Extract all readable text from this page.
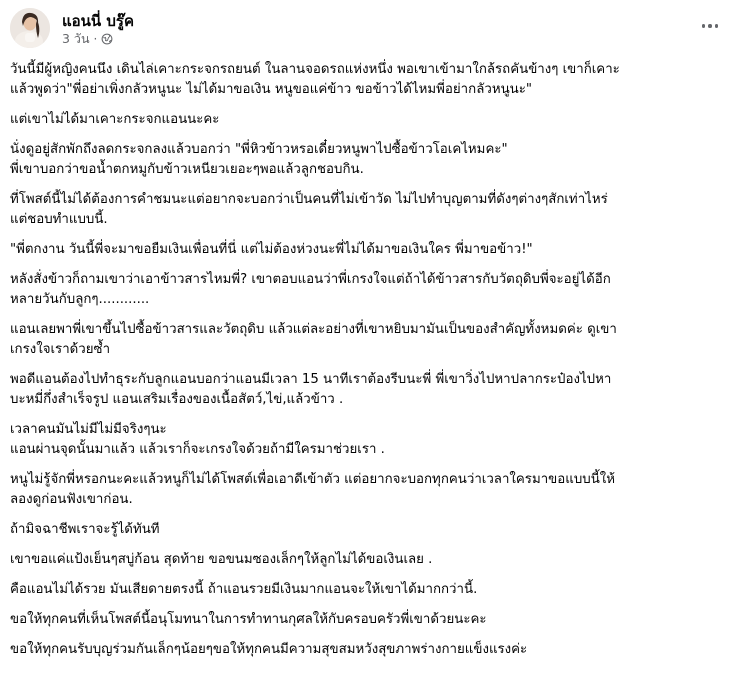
แอนนี่ บรู๊ค
3 วัน ·

วันนี้มีผู้หญิงคนนึง เดินไล่เคาะกระจกรถยนต์ ในลานจอดรถแห่งหนึ่ง พอเขาเข้ามาใกล้รถคันข้างๆ เขาก็เคาะ
แล้วพูดว่า"พี่อย่าเพิ่งกลัวหนูนะ ไม่ได้มาขอเงิน หนูขอแค่ข้าว ขอข้าวได้ไหมพี่อย่ากลัวหนูนะ"

แต่เขาไม่ได้มาเคาะกระจกแอนนะคะ

นั่งดูอยู่สักพักถึงลดกระจกลงแล้วบอกว่า "พี่หิวข้าวหรอเดี๋ยวหนูพาไปซื้อข้าวโอเคไหมคะ"
พี่เขาบอกว่าขอน้ำตกหมูกับข้าวเหนียวเยอะๆพอแล้วลูกชอบกิน.

ที่โพสต์นี้ไม่ได้ต้องการคำชมนะแต่อยากจะบอกว่าเป็นคนที่ไม่เข้าวัด ไม่ไปทำบุญตามที่ดังๆต่างๆสักเท่าไหร่
แต่ชอบทำแบบนี้.

"พี่ตกงาน วันนี้พี่จะมาขอยืมเงินเพื่อนที่นี่ แต่ไม่ต้องห่วงนะพี่ไม่ได้มาขอเงินใคร พี่มาขอข้าว!"

หลังสั่งข้าวก็ถามเขาว่าเอาข้าวสารไหมพี่? เขาตอบแอนว่าพี่เกรงใจแต่ถ้าได้ข้าวสารกับวัตถุดิบพี่จะอยู่ได้อีก
หลายวันกับลูกๆ............

แอนเลยพาพี่เขาขึ้นไปซื้อข้าวสารและวัตถุดิบ แล้วแต่ละอย่างที่เขาหยิบมามันเป็นของสำคัญทั้งหมดค่ะ ดูเขา
เกรงใจเราด้วยซ้ำ

พอดีแอนต้องไปทำธุระกับลูกแอนบอกว่าแอนมีเวลา 15 นาทีเราต้องรีบนะพี่ พี่เขาวิ่งไปหาปลากระป๋องไปหา
บะหมี่กึ่งสำเร็จรูป แอนเสริมเรื่องของเนื้อสัตว์,ไข่,แล้วข้าว .

เวลาคนมันไม่มีไม่มีจริงๆนะ
แอนผ่านจุดนั้นมาแล้ว แล้วเราก็จะเกรงใจด้วยถ้ามีใครมาช่วยเรา .

หนูไม่รู้จักพี่หรอกนะคะแล้วหนูก็ไม่ได้โพสต์เพื่อเอาดีเข้าตัว แต่อยากจะบอกทุกคนว่าเวลาใครมาขอแบบนี้ให้
ลองดูก่อนฟังเขาก่อน.

ถ้ามิจฉาชีพเราจะรู้ได้ทันที

เขาขอแค่แป้งเย็นๆสบู่ก้อน สุดท้าย ขอขนมซองเล็กๆให้ลูกไม่ได้ขอเงินเลย .

คือแอนไม่ได้รวย มันเสียดายตรงนี้ ถ้าแอนรวยมีเงินมากแอนจะให้เขาได้มากกว่านี้.

ขอให้ทุกคนที่เห็นโพสต์นี้อนุโมทนาในการทำทานกุศลให้กับครอบครัวพี่เขาด้วยนะคะ

ขอให้ทุกคนรับบุญร่วมกันเล็กๆน้อยๆขอให้ทุกคนมีความสุขสมหวังสุขภาพร่างกายแข็งแรงค่ะ
